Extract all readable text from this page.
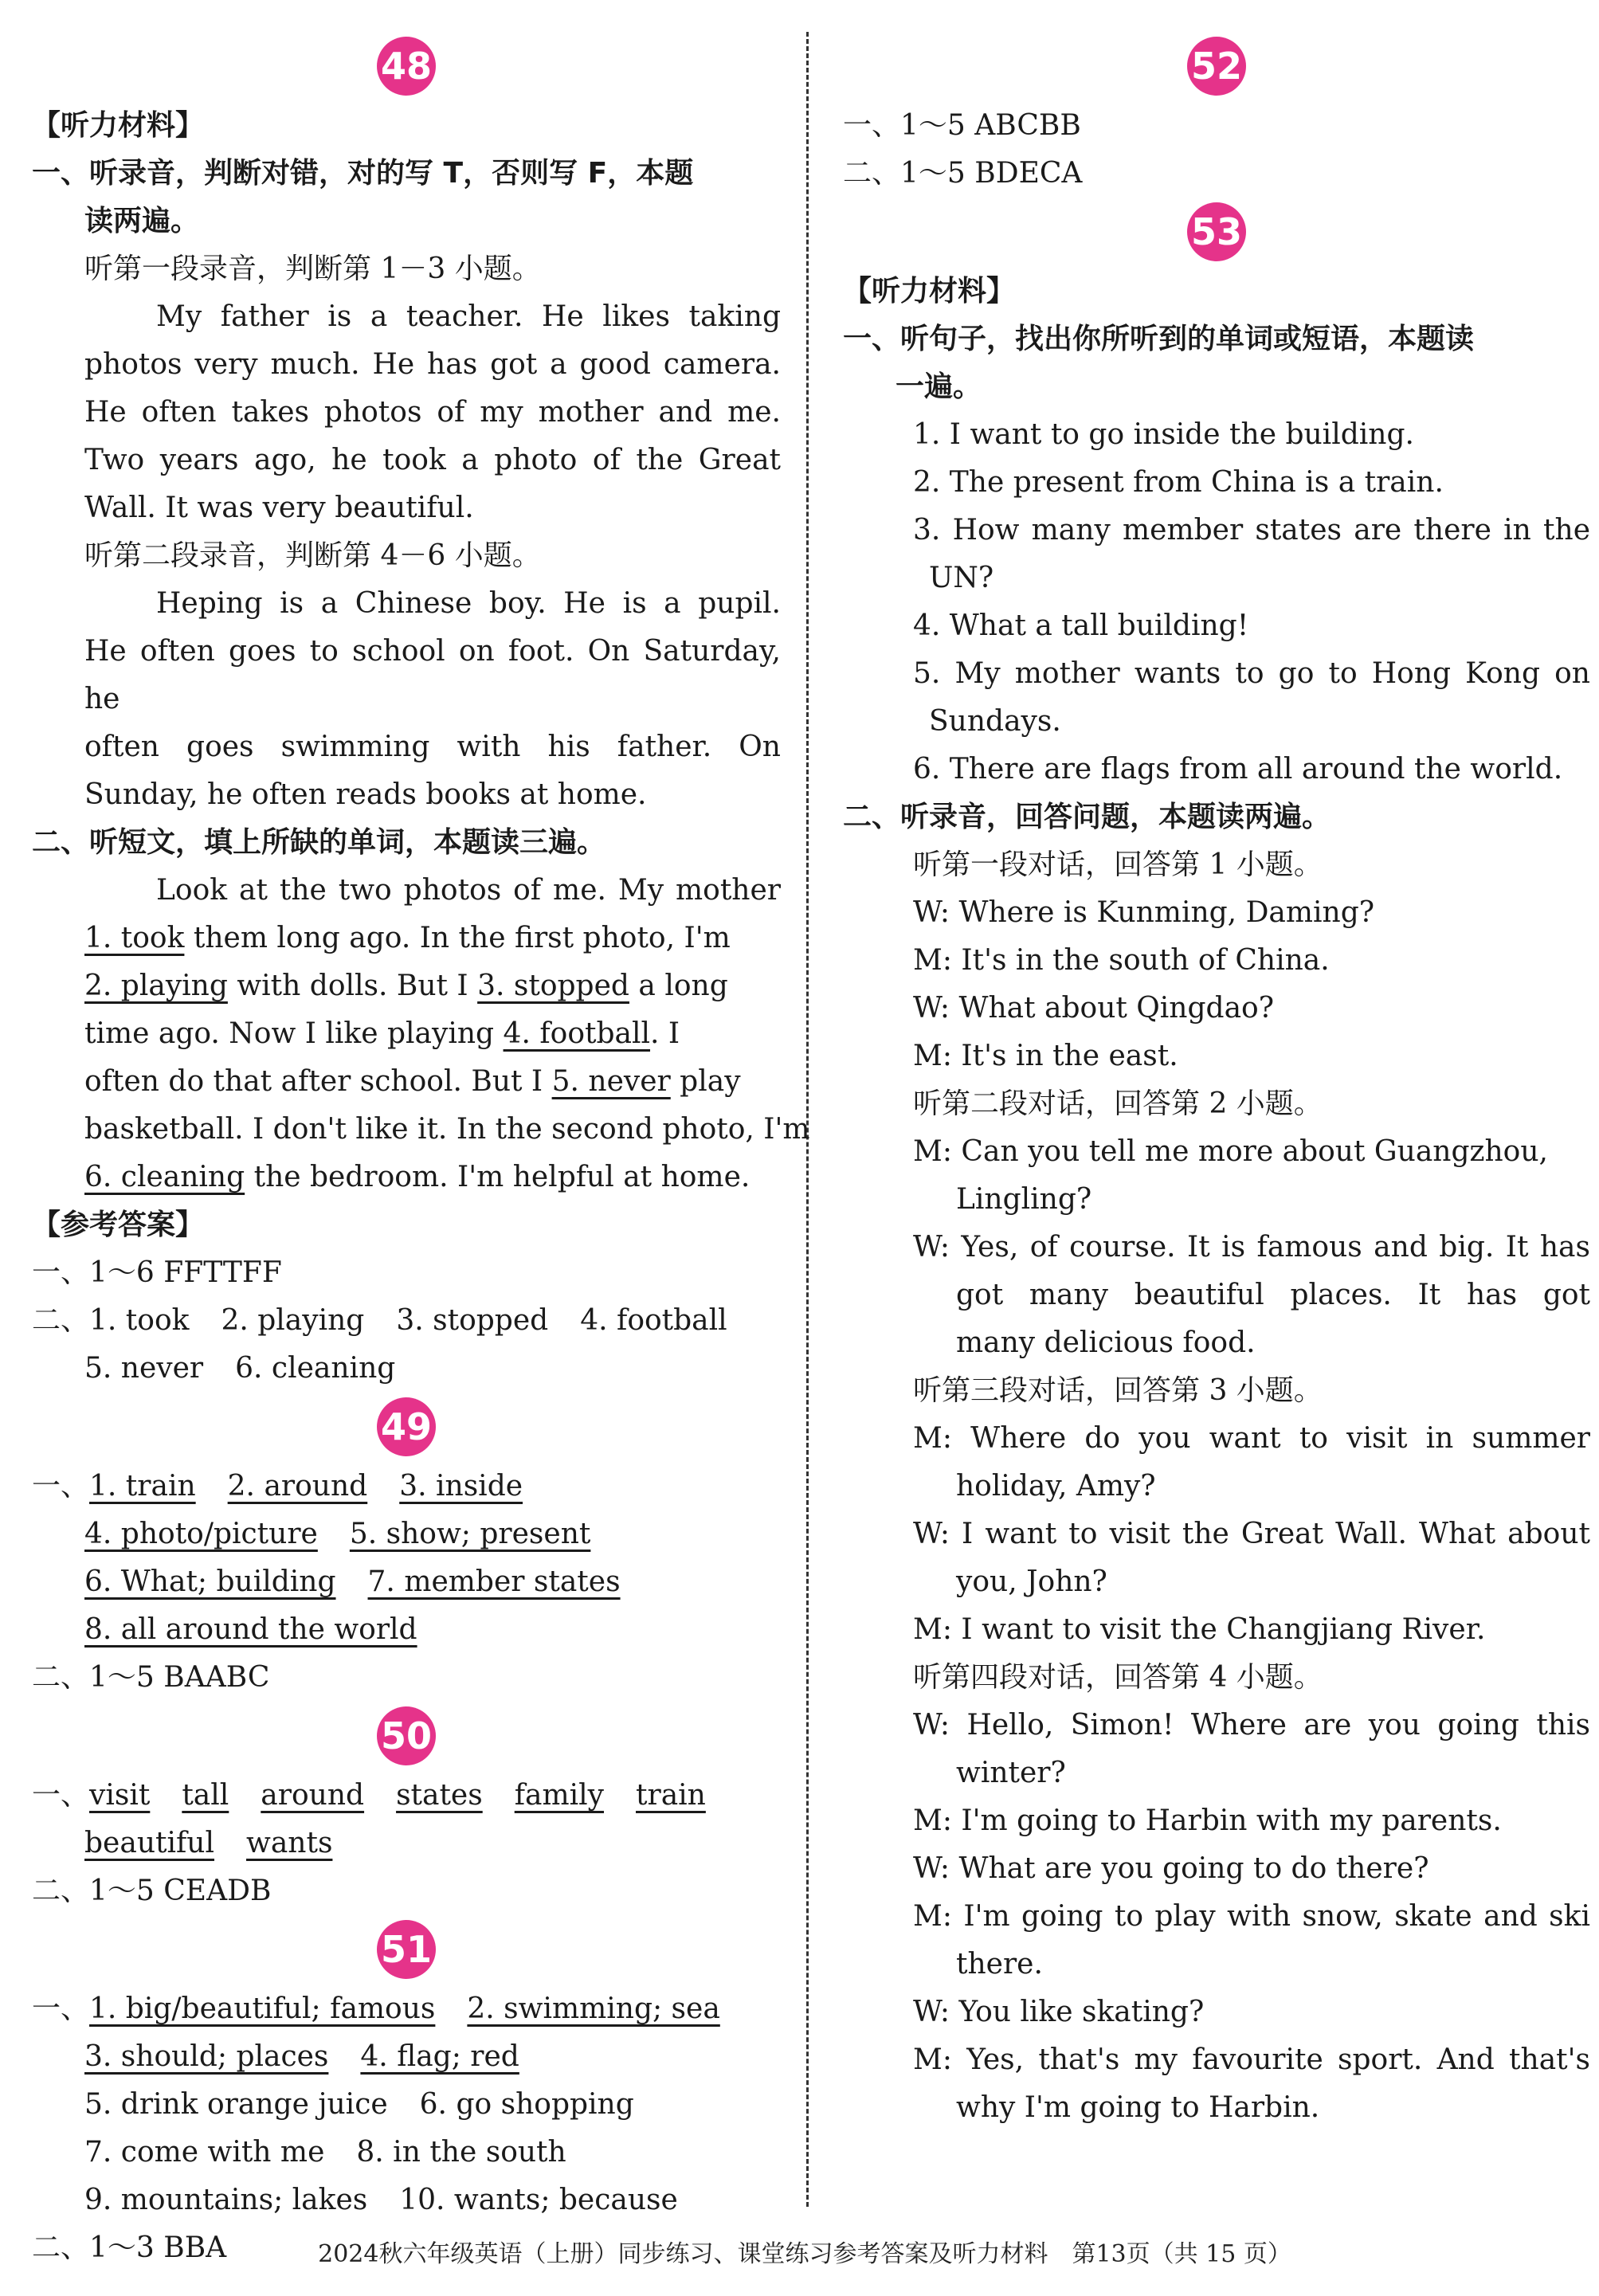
48
【听力材料】
一、听录音，判断对错，对的写 T，否则写 F，本题
读两遍。
听第一段录音，判断第 1－3 小题。
My father is a teacher. He likes taking
photos very much. He has got a good camera.
He often takes photos of my mother and me.
Two years ago, he took a photo of the Great
Wall. It was very beautiful.
听第二段录音，判断第 4－6 小题。
Heping is a Chinese boy. He is a pupil.
He often goes to school on foot. On Saturday, he
often goes swimming with his father. On
Sunday, he often reads books at home.
二、听短文，填上所缺的单词，本题读三遍。
Look at the two photos of me. My mother
1. took them long ago. In the first photo, I'm
2. playing with dolls. But I 3. stopped a long
time ago. Now I like playing 4. football. I
often do that after school. But I 5. never play
basketball. I don't like it. In the second photo, I'm
6. cleaning the bedroom. I'm helpful at home.
【参考答案】
一、1～6 FFTTFF
二、1. took 2. playing 3. stopped 4. football
5. never 6. cleaning
49
一、1. train 2. around 3. inside
4. photo/picture 5. show; present
6. What; building 7. member states
8. all around the world
二、1～5 BAABC
50
一、visit tall around states family train
beautiful wants
二、1～5 CEADB
51
一、1. big/beautiful; famous 2. swimming; sea
3. should; places 4. flag; red
5. drink orange juice 6. go shopping
7. come with me 8. in the south
9. mountains; lakes 10. wants; because
二、1～3 BBA
52
一、1～5 ABCBB
二、1～5 BDECA
53
【听力材料】
一、听句子，找出你所听到的单词或短语，本题读
一遍。
1. I want to go inside the building.
2. The present from China is a train.
3. How many member states are there in the
UN?
4. What a tall building!
5. My mother wants to go to Hong Kong on
Sundays.
6. There are flags from all around the world.
二、听录音，回答问题，本题读两遍。
听第一段对话，回答第 1 小题。
W: Where is Kunming, Daming?
M: It's in the south of China.
W: What about Qingdao?
M: It's in the east.
听第二段对话，回答第 2 小题。
M: Can you tell me more about Guangzhou,
Lingling?
W: Yes, of course. It is famous and big. It has
got many beautiful places. It has got
many delicious food.
听第三段对话，回答第 3 小题。
M: Where do you want to visit in summer
holiday, Amy?
W: I want to visit the Great Wall. What about
you, John?
M: I want to visit the Changjiang River.
听第四段对话，回答第 4 小题。
W: Hello, Simon! Where are you going this
winter?
M: I'm going to Harbin with my parents.
W: What are you going to do there?
M: I'm going to play with snow, skate and ski
there.
W: You like skating?
M: Yes, that's my favourite sport. And that's
why I'm going to Harbin.
2024秋六年级英语（上册）同步练习、课堂练习参考答案及听力材料　第13页（共 15 页）
